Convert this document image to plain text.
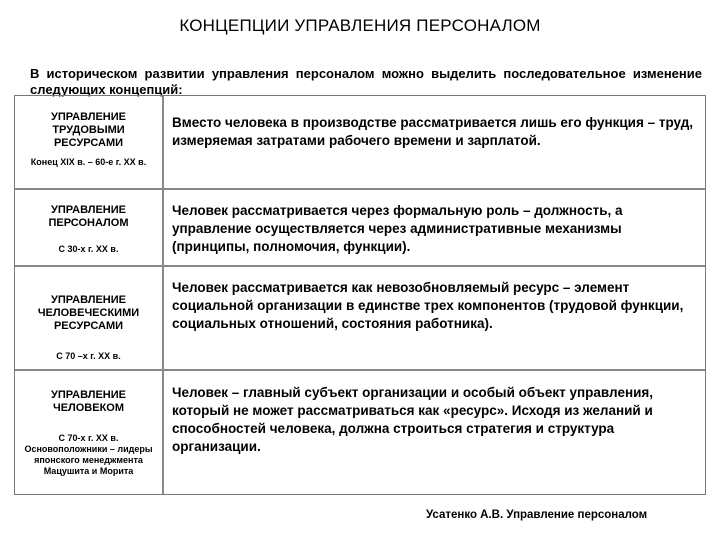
КОНЦЕПЦИИ УПРАВЛЕНИЯ ПЕРСОНАЛОМ
В историческом развитии управления персоналом можно выделить последовательное изменение следующих концепций:
УПРАВЛЕНИЕ ТРУДОВЫМИ РЕСУРСАМИ
Конец XIX в. – 60-е г. XX в.
Вместо человека в производстве рассматривается лишь его функция – труд, измеряемая затратами рабочего времени и зарплатой.
УПРАВЛЕНИЕ ПЕРСОНАЛОМ
С 30-х г. XX в.
Человек рассматривается через формальную роль – должность, а управление осуществляется через административные механизмы (принципы, полномочия, функции).
УПРАВЛЕНИЕ ЧЕЛОВЕЧЕСКИМИ РЕСУРСАМИ
С 70 –х г. XX в.
Человек рассматривается как невозобновляемый ресурс – элемент социальной организации в единстве трех компонентов (трудовой функции, социальных отношений, состояния работника).
УПРАВЛЕНИЕ ЧЕЛОВЕКОМ
С 70-х г. XX в. Основоположники – лидеры японского менеджмента Мацушита и Морита
Человек – главный субъект организации и особый объект управления, который не может рассматриваться как «ресурс». Исходя из желаний и способностей человека, должна строиться стратегия и структура организации.
Усатенко А.В. Управление персоналом
